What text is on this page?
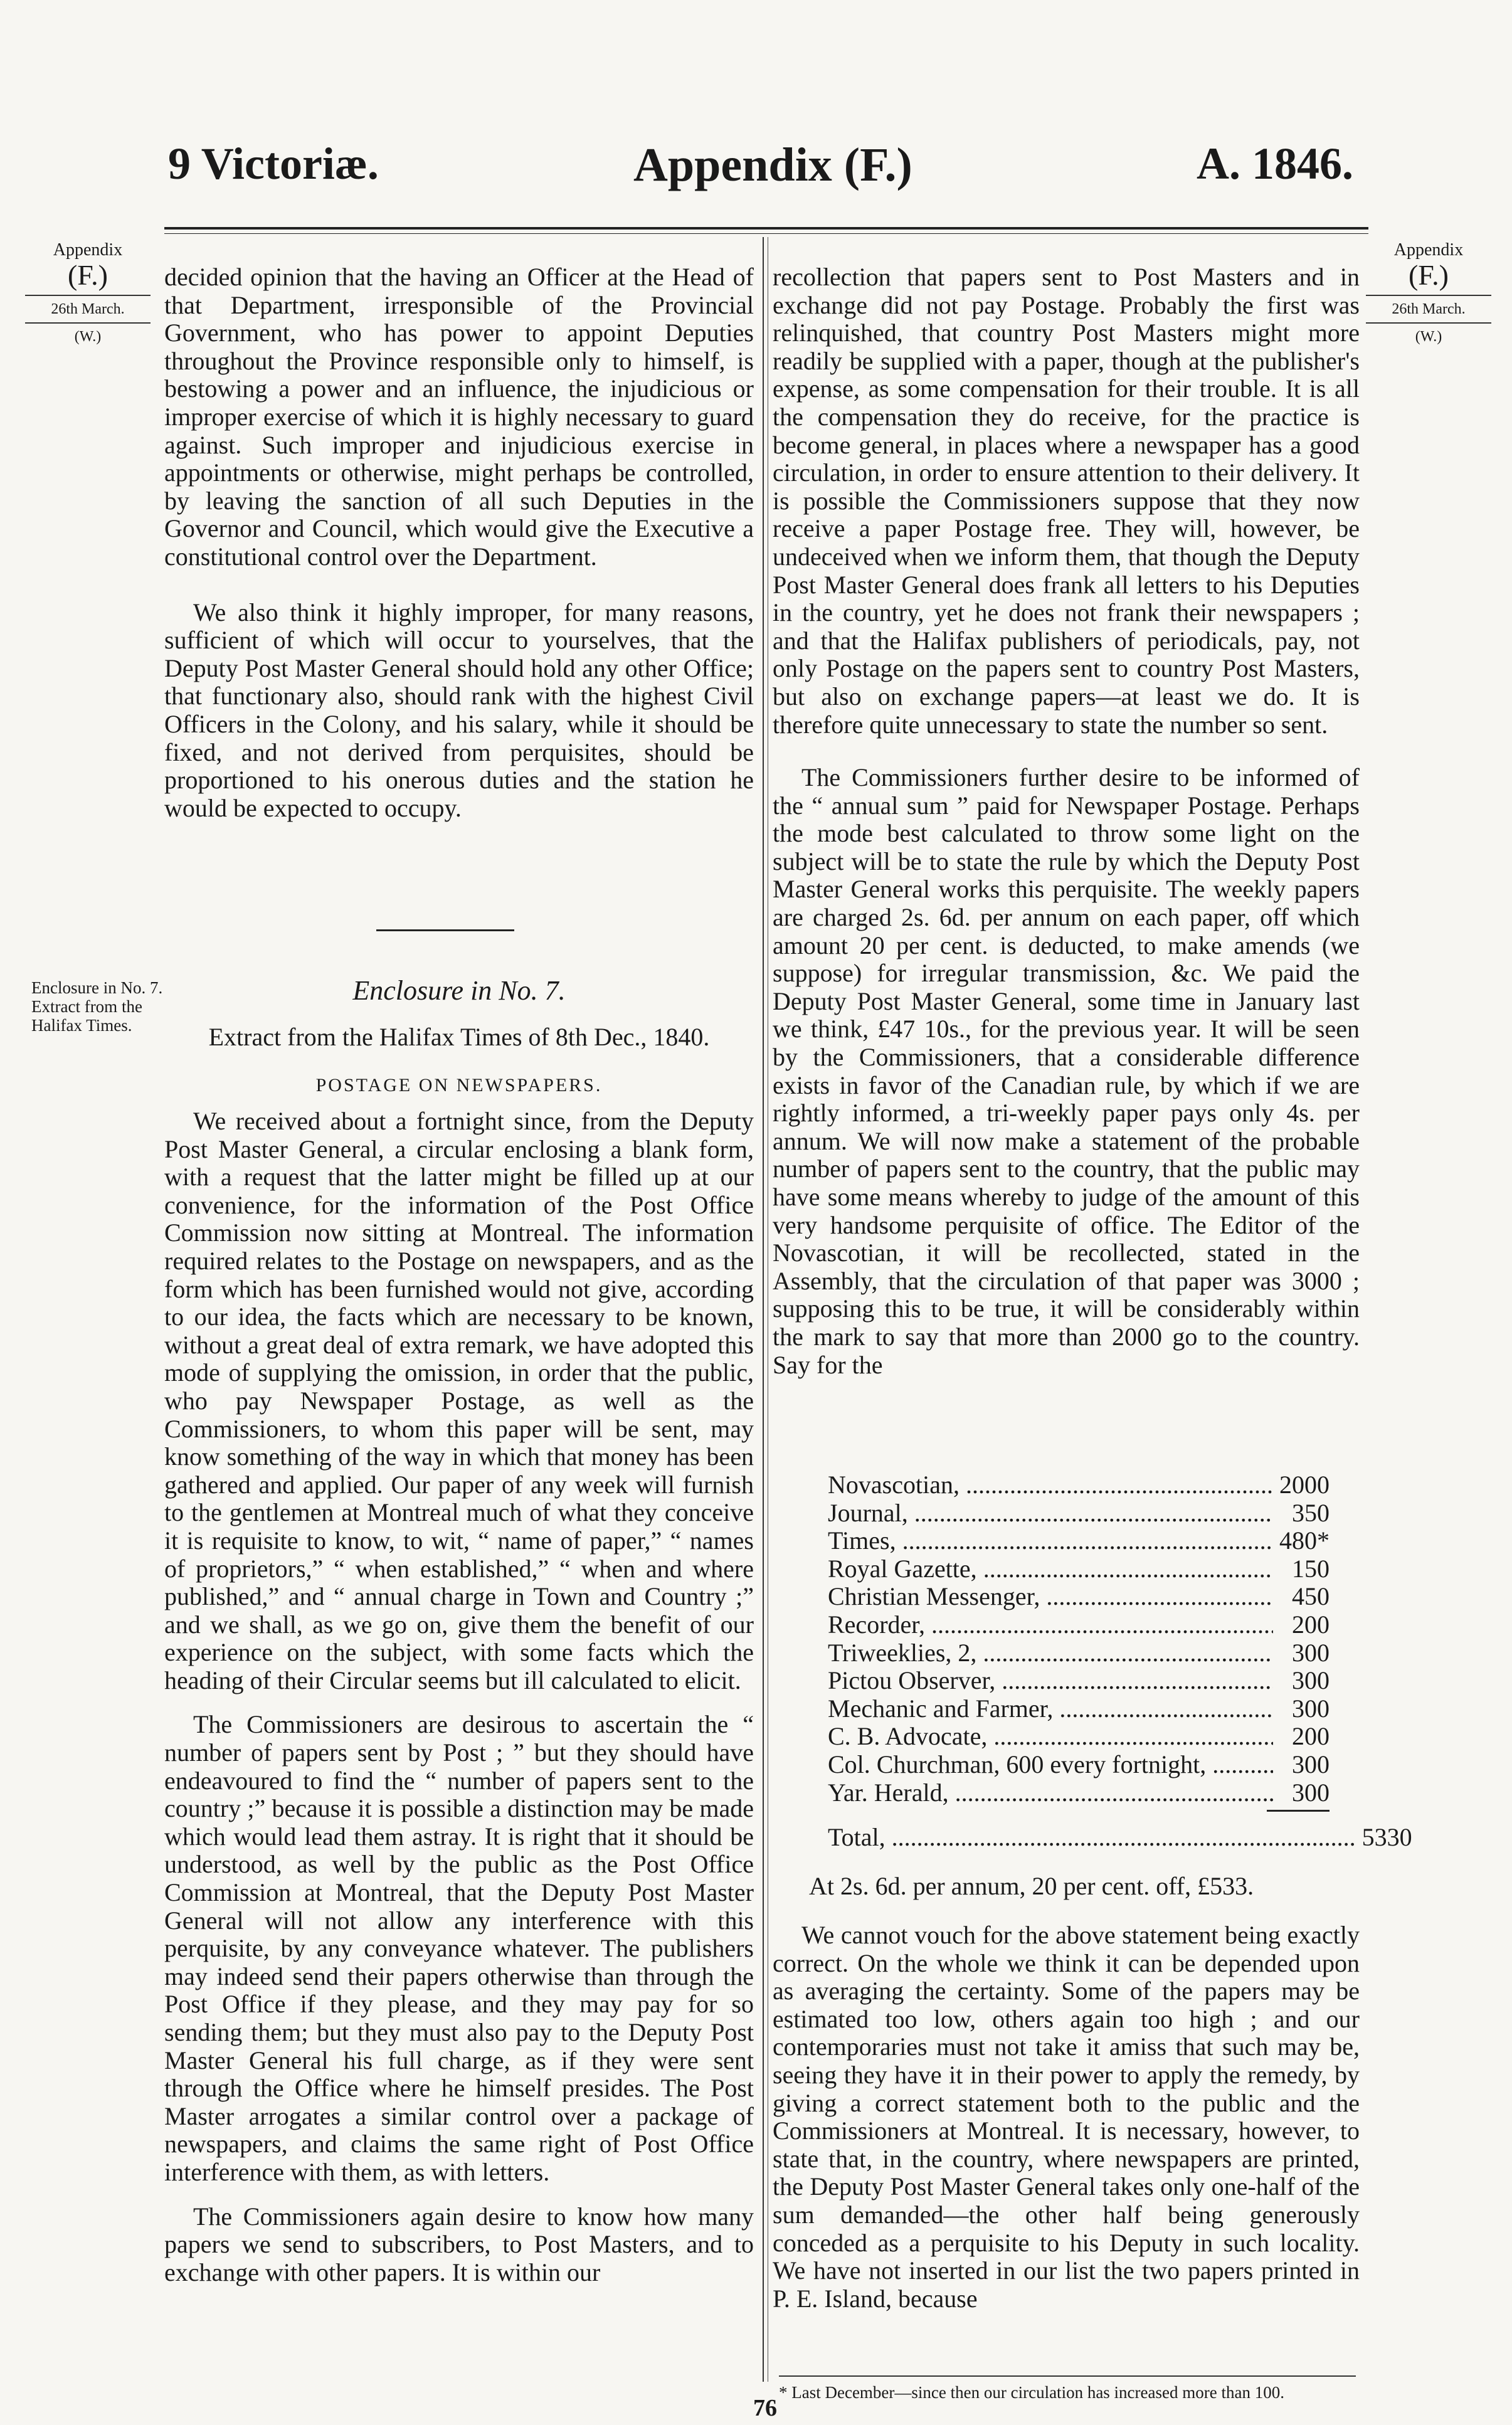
9 Victoriæ.	Appendix (F.)	A. 1846.
Appendix
(F.)
26th March.
(W.)
Appendix
(F.)
26th March.
(W.)
Enclosure in No. 7.
Extract from the Halifax Times.

decided opinion that the having an Officer at the Head of that Department, irresponsible of the Provincial Government, who has power to appoint Deputies throughout the Province responsible only to himself, is bestowing a power and an influence, the injudicious or improper exercise of which it is highly necessary to guard against. Such improper and injudicious exercise in appointments or otherwise, might perhaps be controlled, by leaving the sanction of all such Deputies in the Governor and Council, which would give the Executive a constitutional control over the Department.

We also think it highly improper, for many reasons, sufficient of which will occur to yourselves, that the Deputy Post Master General should hold any other Office; that functionary also, should rank with the highest Civil Officers in the Colony, and his salary, while it should be fixed, and not derived from perquisites, should be proportioned to his onerous duties and the station he would be expected to occupy.

Enclosure in No. 7.
Extract from the Halifax Times of 8th Dec., 1840.
POSTAGE ON NEWSPAPERS.

We received about a fortnight since, from the Deputy Post Master General, a circular enclosing a blank form, with a request that the latter might be filled up at our convenience, for the information of the Post Office Commission now sitting at Montreal. The information required relates to the Postage on newspapers, and as the form which has been furnished would not give, according to our idea, the facts which are necessary to be known, without a great deal of extra remark, we have adopted this mode of supplying the omission, in order that the public, who pay Newspaper Postage, as well as the Commissioners, to whom this paper will be sent, may know something of the way in which that money has been gathered and applied. Our paper of any week will furnish to the gentlemen at Montreal much of what they conceive it is requisite to know, to wit, “ name of paper,” “ names of proprietors,” “ when established,” “ when and where published,” and “ annual charge in Town and Country ;” and we shall, as we go on, give them the benefit of our experience on the subject, with some facts which the heading of their Circular seems but ill calculated to elicit.

The Commissioners are desirous to ascertain the “ number of papers sent by Post ; ” but they should have endeavoured to find the “ number of papers sent to the country ;” because it is possible a distinction may be made which would lead them astray. It is right that it should be understood, as well by the public as the Post Office Commission at Montreal, that the Deputy Post Master General will not allow any interference with this perquisite, by any conveyance whatever. The publishers may indeed send their papers otherwise than through the Post Office if they please, and they may pay for so sending them; but they must also pay to the Deputy Post Master General his full charge, as if they were sent through the Office where he himself presides. The Post Master arrogates a similar control over a package of newspapers, and claims the same right of Post Office interference with them, as with letters.

The Commissioners again desire to know how many papers we send to subscribers, to Post Masters, and to exchange with other papers. It is within our

recollection that papers sent to Post Masters and in exchange did not pay Postage. Probably the first was relinquished, that country Post Masters might more readily be supplied with a paper, though at the publisher's expense, as some compensation for their trouble. It is all the compensation they do receive, for the practice is become general, in places where a newspaper has a good circulation, in order to ensure attention to their delivery. It is possible the Commissioners suppose that they now receive a paper Postage free. They will, however, be undeceived when we inform them, that though the Deputy Post Master General does frank all letters to his Deputies in the country, yet he does not frank their newspapers ; and that the Halifax publishers of periodicals, pay, not only Postage on the papers sent to country Post Masters, but also on exchange papers—at least we do. It is therefore quite unnecessary to state the number so sent.

The Commissioners further desire to be informed of the “ annual sum ” paid for Newspaper Postage. Perhaps the mode best calculated to throw some light on the subject will be to state the rule by which the Deputy Post Master General works this perquisite. The weekly papers are charged 2s. 6d. per annum on each paper, off which amount 20 per cent. is deducted, to make amends (we suppose) for irregular transmission, &c. We paid the Deputy Post Master General, some time in January last we think, £47 10s., for the previous year. It will be seen by the Commissioners, that a considerable difference exists in favor of the Canadian rule, by which if we are rightly informed, a tri-weekly paper pays only 4s. per annum. We will now make a statement of the probable number of papers sent to the country, that the public may have some means whereby to judge of the amount of this very handsome perquisite of office. The Editor of the Novascotian, it will be recollected, stated in the Assembly, that the circulation of that paper was 3000 ; supposing this to be true, it will be considerably within the mark to say that more than 2000 go to the country. Say for the

Novascotian, .....	2000
Journal, .....	350
Times, .....	480*
Royal Gazette, .....	150
Christian Messenger, .....	450
Recorder, .....	200
Triweeklies, 2, .....	300
Pictou Observer, .....	300
Mechanic and Farmer, .....	300
C. B. Advocate, .....	200
Col. Churchman, 600 every fortnight, .....	300
Yar. Herald, .....	300
Total, .....	5330
At 2s. 6d. per annum, 20 per cent. off, £533.

We cannot vouch for the above statement being exactly correct. On the whole we think it can be depended upon as averaging the certainty. Some of the papers may be estimated too low, others again too high ; and our contemporaries must not take it amiss that such may be, seeing they have it in their power to apply the remedy, by giving a correct statement both to the public and the Commissioners at Montreal. It is necessary, however, to state that, in the country, where newspapers are printed, the Deputy Post Master General takes only one-half of the sum demanded—the other half being generously conceded as a perquisite to his Deputy in such locality. We have not inserted in our list the two papers printed in P. E. Island, because

* Last December—since then our circulation has increased more than 100.
76
